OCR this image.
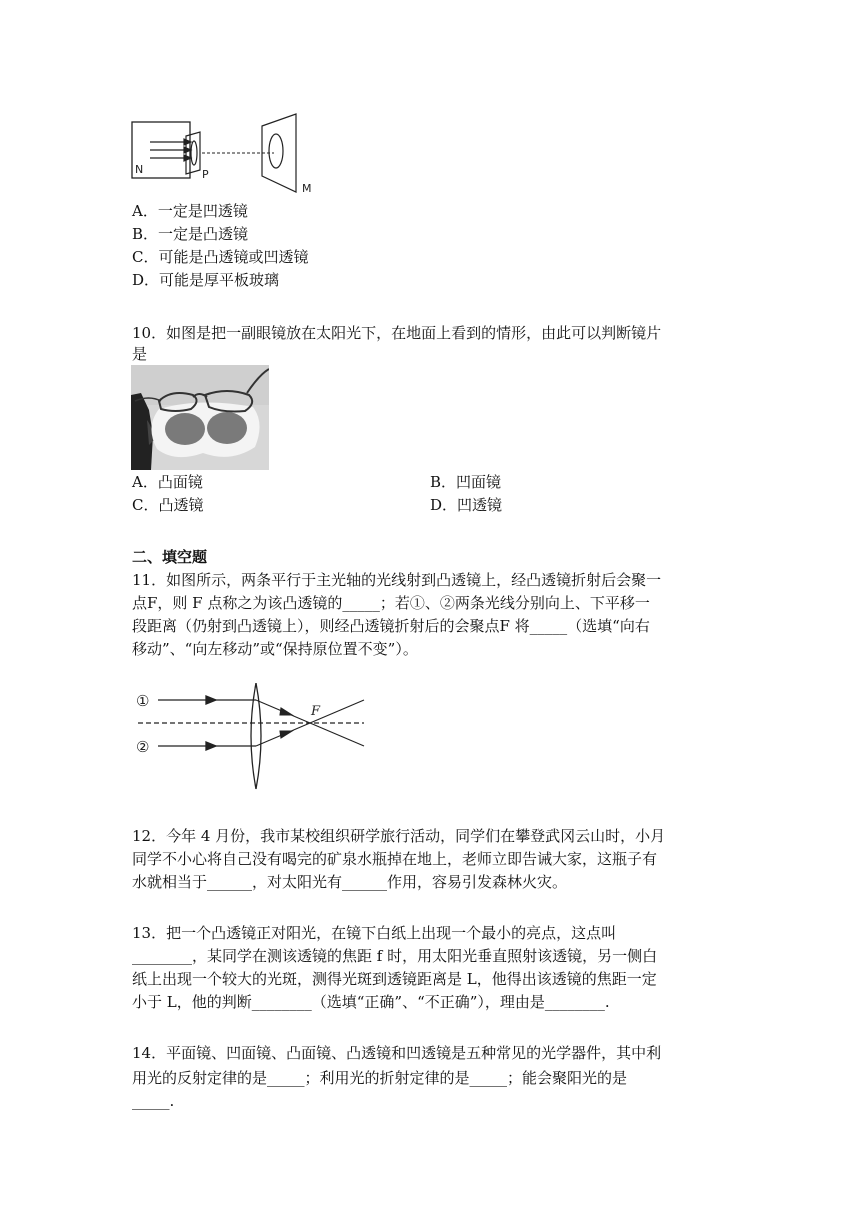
N	P
M
A．一定是凹透镜
B．一定是凸透镜
C．可能是凸透镜或凹透镜
D．可能是厚平板玻璃
10．如图是把一副眼镜放在太阳光下，在地面上看到的情形，由此可以判断镜片
是
A．凸面镜	B．凹面镜
C．凸透镜	D．凹透镜
二、填空题
11．如图所示，两条平行于主光轴的光线射到凸透镜上，经凸透镜折射后会聚一
点F，则 F 点称之为该凸透镜的_____；若①、②两条光线分别向上、下平移一
段距离（仍射到凸透镜上），则经凸透镜折射后的会聚点F 将_____（选填“向右
移动”、“向左移动”或“保持原位置不变”）。
①
②
F
12．今年 4 月份，我市某校组织研学旅行活动，同学们在攀登武冈云山时，小月
同学不小心将自己没有喝完的矿泉水瓶掉在地上，老师立即告诫大家，这瓶子有
水就相当于______，对太阳光有______作用，容易引发森林火灾。
13．把一个凸透镜正对阳光，在镜下白纸上出现一个最小的亮点，这点叫
________，某同学在测该透镜的焦距 f 时，用太阳光垂直照射该透镜，另一侧白
纸上出现一个较大的光斑，测得光斑到透镜距离是 L，他得出该透镜的焦距一定
小于 L，他的判断________（选填“正确”、“不正确”），理由是________.
14．平面镜、凹面镜、凸面镜、凸透镜和凹透镜是五种常见的光学器件，其中利
用光的反射定律的是_____；利用光的折射定律的是_____；能会聚阳光的是
_____.
